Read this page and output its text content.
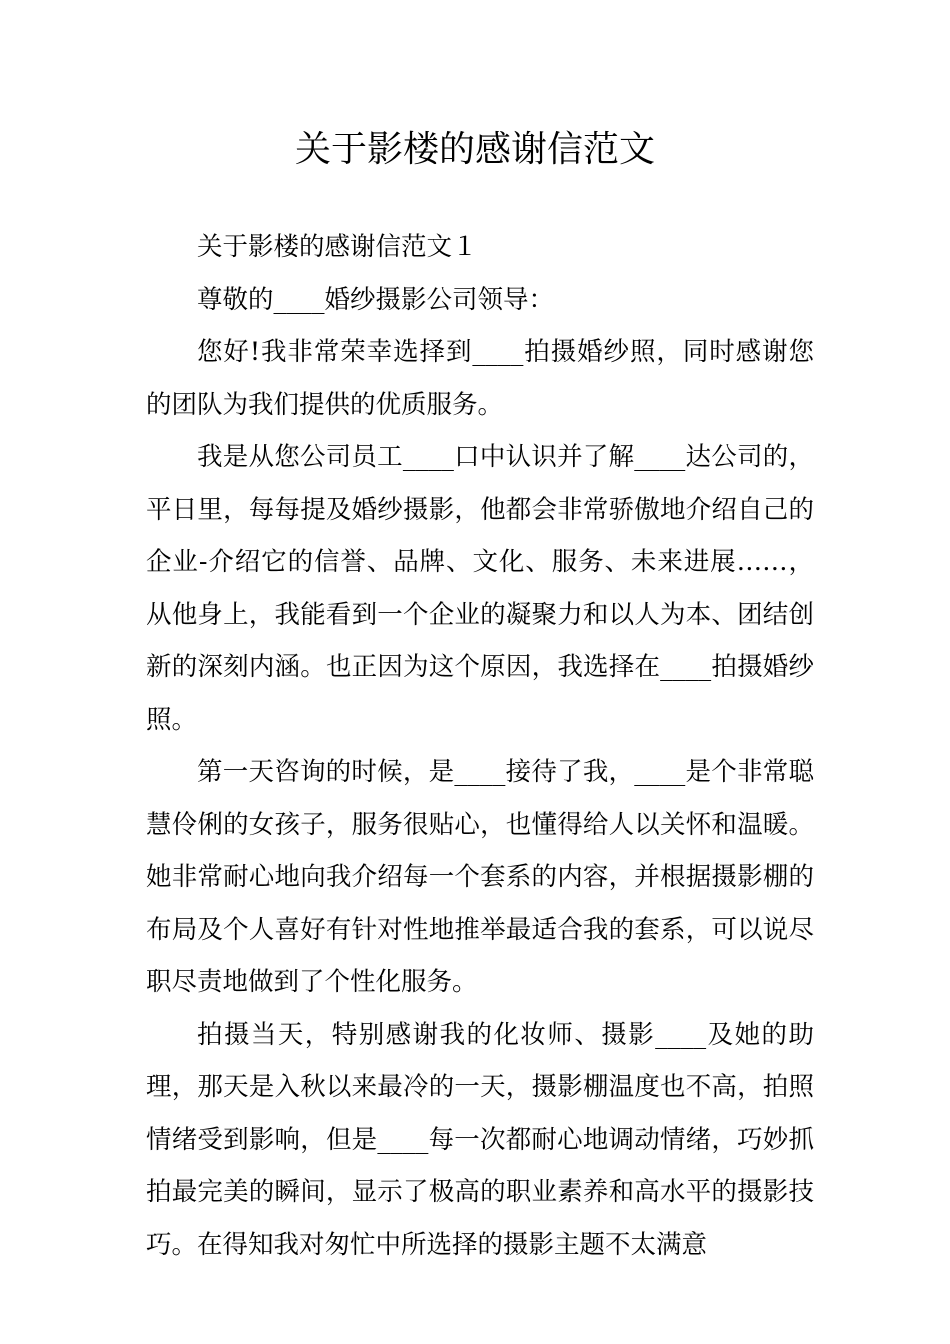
关于影楼的感谢信范文

关于影楼的感谢信范文１

尊敬的____婚纱摄影公司领导：

您好!我非常荣幸选择到____拍摄婚纱照，同时感谢您的团队为我们提供的优质服务。

我是从您公司员工____口中认识并了解____达公司的，平日里，每每提及婚纱摄影，他都会非常骄傲地介绍自己的企业-介绍它的信誉、品牌、文化、服务、未来进展……，从他身上，我能看到一个企业的凝聚力和以人为本、团结创新的深刻内涵。也正因为这个原因，我选择在____拍摄婚纱照。

第一天咨询的时候，是____接待了我，____是个非常聪慧伶俐的女孩子，服务很贴心，也懂得给人以关怀和温暖。她非常耐心地向我介绍每一个套系的内容，并根据摄影棚的布局及个人喜好有针对性地推举最适合我的套系，可以说尽职尽责地做到了个性化服务。

拍摄当天，特别感谢我的化妆师、摄影____及她的助理，那天是入秋以来最冷的一天，摄影棚温度也不高，拍照情绪受到影响，但是____每一次都耐心地调动情绪，巧妙抓拍最完美的瞬间，显示了极高的职业素养和高水平的摄影技巧。在得知我对匆忙中所选择的摄影主题不太满意
